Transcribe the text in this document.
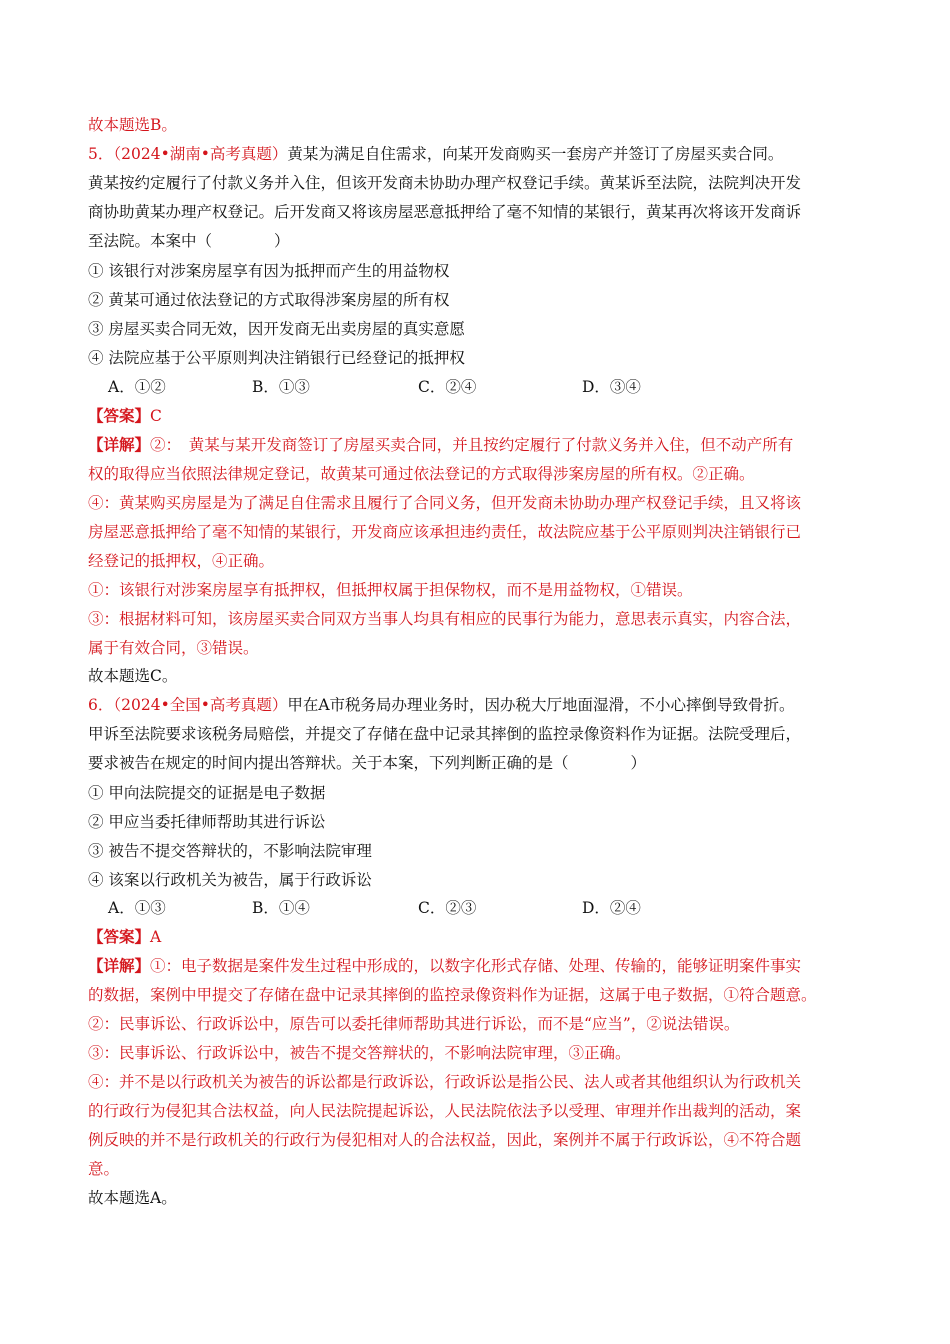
故本题选B。
5．（2024•湖南•高考真题）黄某为满足自住需求，向某开发商购买一套房产并签订了房屋买卖合同。
黄某按约定履行了付款义务并入住，但该开发商未协助办理产权登记手续。黄某诉至法院，法院判决开发
商协助黄某办理产权登记。后开发商又将该房屋恶意抵押给了毫不知情的某银行，黄某再次将该开发商诉
至法院。本案中（　　　　）
① 该银行对涉案房屋享有因为抵押而产生的用益物权
② 黄某可通过依法登记的方式取得涉案房屋的所有权
③ 房屋买卖合同无效，因开发商无出卖房屋的真实意愿
④ 法院应基于公平原则判决注销银行已经登记的抵押权
A．①②	B．①③	C．②④	D．③④
【答案】C
【详解】②：　黄某与某开发商签订了房屋买卖合同，并且按约定履行了付款义务并入住，但不动产所有
权的取得应当依照法律规定登记，故黄某可通过依法登记的方式取得涉案房屋的所有权。②正确。
④：黄某购买房屋是为了满足自住需求且履行了合同义务，但开发商未协助办理产权登记手续，且又将该
房屋恶意抵押给了毫不知情的某银行，开发商应该承担违约责任，故法院应基于公平原则判决注销银行已
经登记的抵押权，④正确。
①：该银行对涉案房屋享有抵押权，但抵押权属于担保物权，而不是用益物权，①错误。
③：根据材料可知，该房屋买卖合同双方当事人均具有相应的民事行为能力，意思表示真实，内容合法，
属于有效合同，③错误。
故本题选C。
6．（2024•全国•高考真题）甲在A市税务局办理业务时，因办税大厅地面湿滑，不小心摔倒导致骨折。
甲诉至法院要求该税务局赔偿，并提交了存储在盘中记录其摔倒的监控录像资料作为证据。法院受理后，
要求被告在规定的时间内提出答辩状。关于本案，下列判断正确的是（　　　　）
① 甲向法院提交的证据是电子数据
② 甲应当委托律师帮助其进行诉讼
③ 被告不提交答辩状的，不影响法院审理
④ 该案以行政机关为被告，属于行政诉讼
A．①③	B．①④	C．②③	D．②④
【答案】A
【详解】①：电子数据是案件发生过程中形成的，以数字化形式存储、处理、传输的，能够证明案件事实
的数据，案例中甲提交了存储在盘中记录其摔倒的监控录像资料作为证据，这属于电子数据，①符合题意。
②：民事诉讼、行政诉讼中，原告可以委托律师帮助其进行诉讼，而不是“应当”，②说法错误。
③：民事诉讼、行政诉讼中，被告不提交答辩状的，不影响法院审理，③正确。
④：并不是以行政机关为被告的诉讼都是行政诉讼，行政诉讼是指公民、法人或者其他组织认为行政机关
的行政行为侵犯其合法权益，向人民法院提起诉讼，人民法院依法予以受理、审理并作出裁判的活动，案
例反映的并不是行政机关的行政行为侵犯相对人的合法权益，因此，案例并不属于行政诉讼，④不符合题
意。
故本题选A。
